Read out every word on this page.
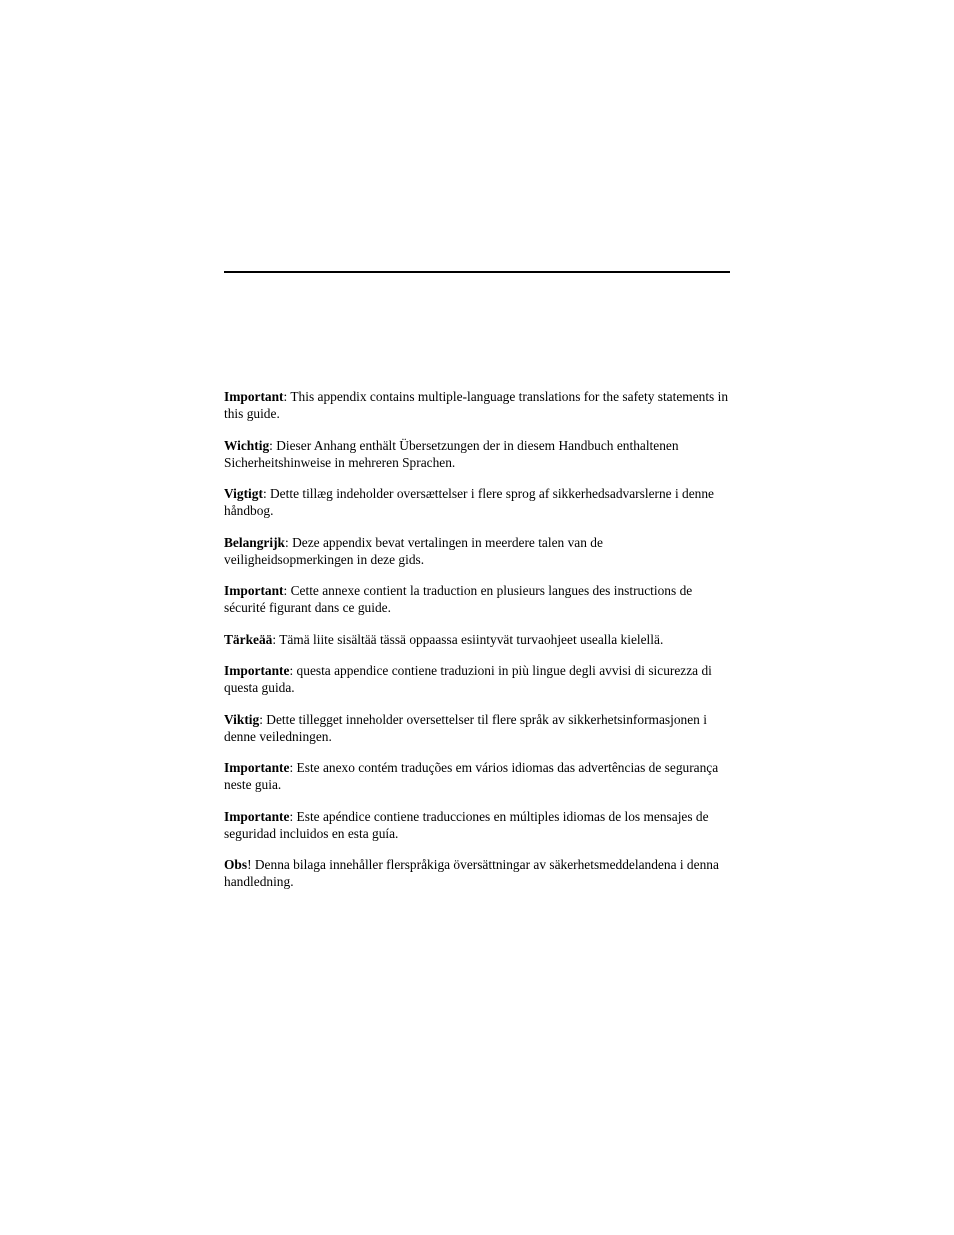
Important: This appendix contains multiple-language translations for the safety statements in this guide.

Wichtig: Dieser Anhang enthält Übersetzungen der in diesem Handbuch enthaltenen Sicherheitshinweise in mehreren Sprachen.

Vigtigt: Dette tillæg indeholder oversættelser i flere sprog af sikkerhedsadvarslerne i denne håndbog.

Belangrijk: Deze appendix bevat vertalingen in meerdere talen van de veiligheidsopmerkingen in deze gids.

Important: Cette annexe contient la traduction en plusieurs langues des instructions de sécurité figurant dans ce guide.

Tärkeää: Tämä liite sisältää tässä oppaassa esiintyvät turvaohjeet usealla kielellä.

Importante: questa appendice contiene traduzioni in più lingue degli avvisi di sicurezza di questa guida.

Viktig: Dette tillegget inneholder oversettelser til flere språk av sikkerhetsinformasjonen i denne veiledningen.

Importante: Este anexo contém traduções em vários idiomas das advertências de segurança neste guia.

Importante: Este apéndice contiene traducciones en múltiples idiomas de los mensajes de seguridad incluidos en esta guía.

Obs! Denna bilaga innehåller flerspråkiga översättningar av säkerhetsmeddelandena i denna handledning.
